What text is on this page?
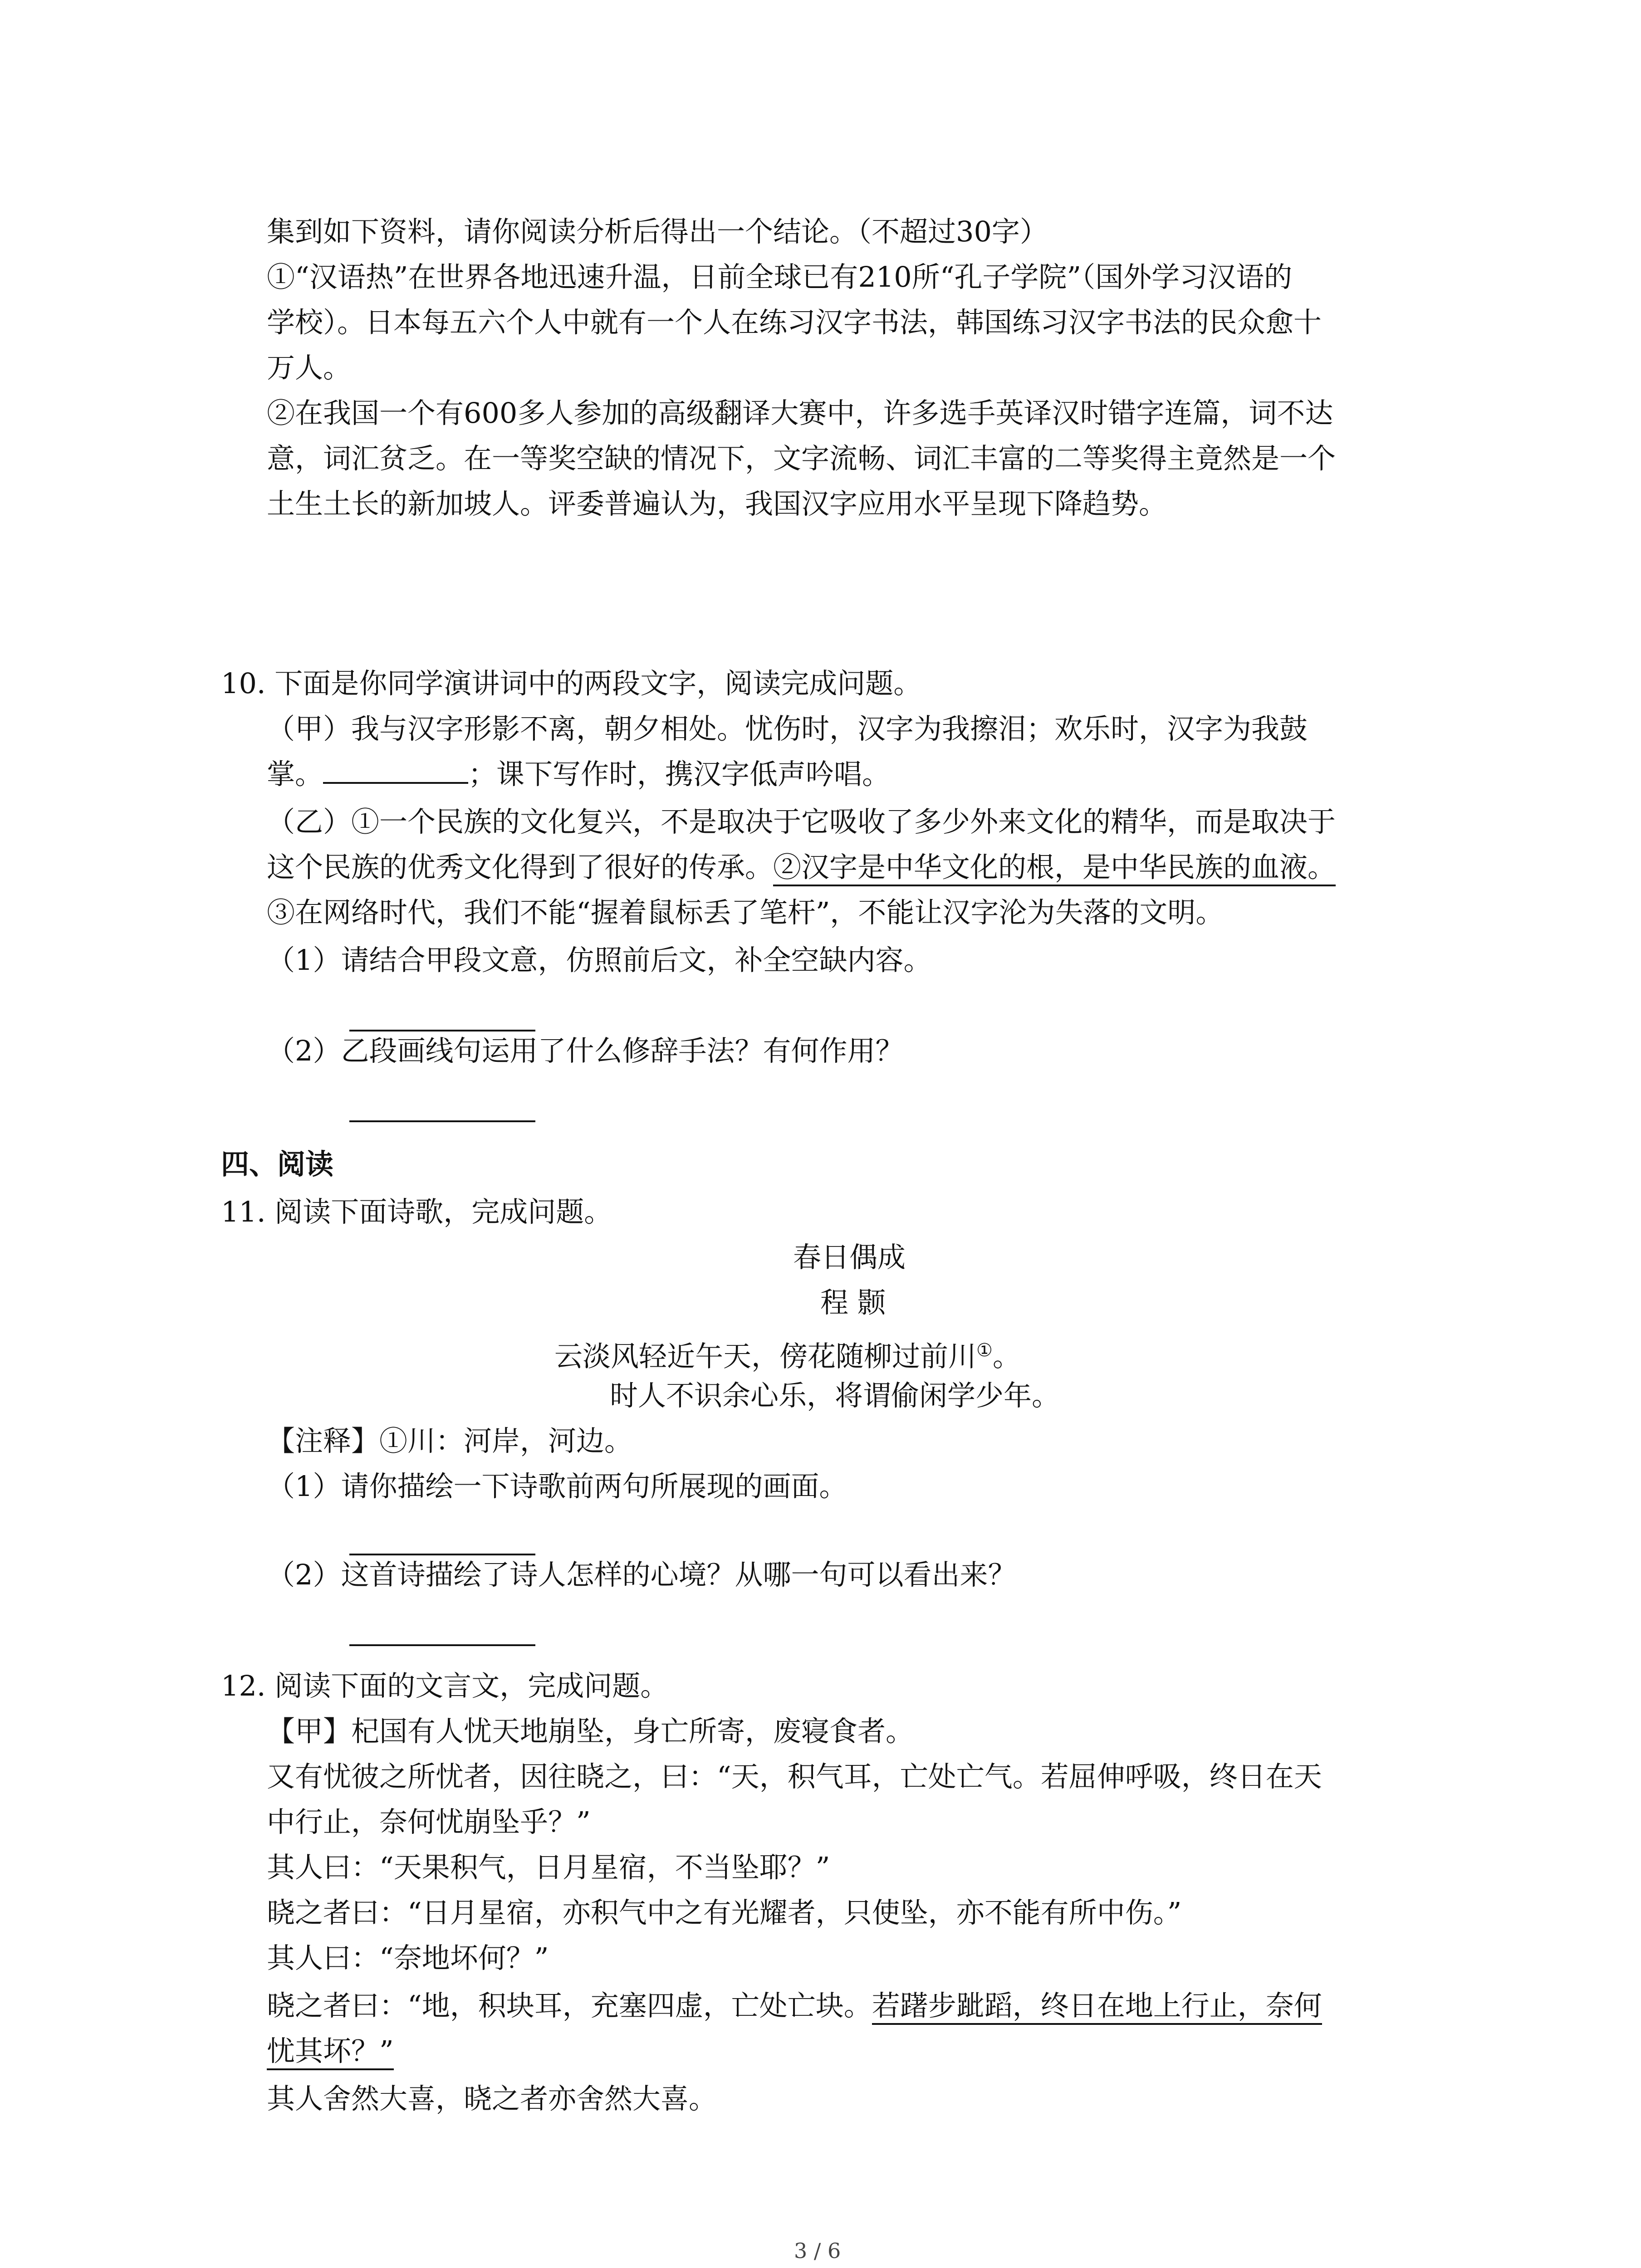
集到如下资料，请你阅读分析后得出一个结论。（不超过30字）
①“汉语热”在世界各地迅速升温，日前全球已有210所“孔子学院”（国外学习汉语的
学校）。日本每五六个人中就有一个人在练习汉字书法，韩国练习汉字书法的民众愈十
万人。
②在我国一个有600多人参加的高级翻译大赛中，许多选手英译汉时错字连篇，词不达
意，词汇贫乏。在一等奖空缺的情况下，文字流畅、词汇丰富的二等奖得主竟然是一个
土生土长的新加坡人。评委普遍认为，我国汉字应用水平呈现下降趋势。
10. 下面是你同学演讲词中的两段文字，阅读完成问题。
（甲）我与汉字形影不离，朝夕相处。忧伤时，汉字为我擦泪；欢乐时，汉字为我鼓
掌。	；课下写作时，携汉字低声吟唱。
（乙）①一个民族的文化复兴，不是取决于它吸收了多少外来文化的精华，而是取决于
这个民族的优秀文化得到了很好的传承。②汉字是中华文化的根，是中华民族的血液。
③在网络时代，我们不能“握着鼠标丢了笔杆”，不能让汉字沦为失落的文明。
（1）请结合甲段文意，仿照前后文，补全空缺内容。
（2）乙段画线句运用了什么修辞手法？有何作用？
四、阅读
11. 阅读下面诗歌，完成问题。
春日偶成
程 颢
云淡风轻近午天，傍花随柳过前川①。
时人不识余心乐，将谓偷闲学少年。
【注释】①川：河岸，河边。
（1）请你描绘一下诗歌前两句所展现的画面。
（2）这首诗描绘了诗人怎样的心境？从哪一句可以看出来？
12. 阅读下面的文言文，完成问题。
【甲】杞国有人忧天地崩坠，身亡所寄，废寝食者。
又有忧彼之所忧者，因往晓之，曰：“天，积气耳，亡处亡气。若屈伸呼吸，终日在天
中行止，奈何忧崩坠乎？”
其人曰：“天果积气，日月星宿，不当坠耶？”
晓之者曰：“日月星宿，亦积气中之有光耀者，只使坠，亦不能有所中伤。”
其人曰：“奈地坏何？”
晓之者曰：“地，积块耳，充塞四虚，亡处亡块。若躇步跐蹈，终日在地上行止，奈何
忧其坏？”
其人舍然大喜，晓之者亦舍然大喜。
3 / 6
